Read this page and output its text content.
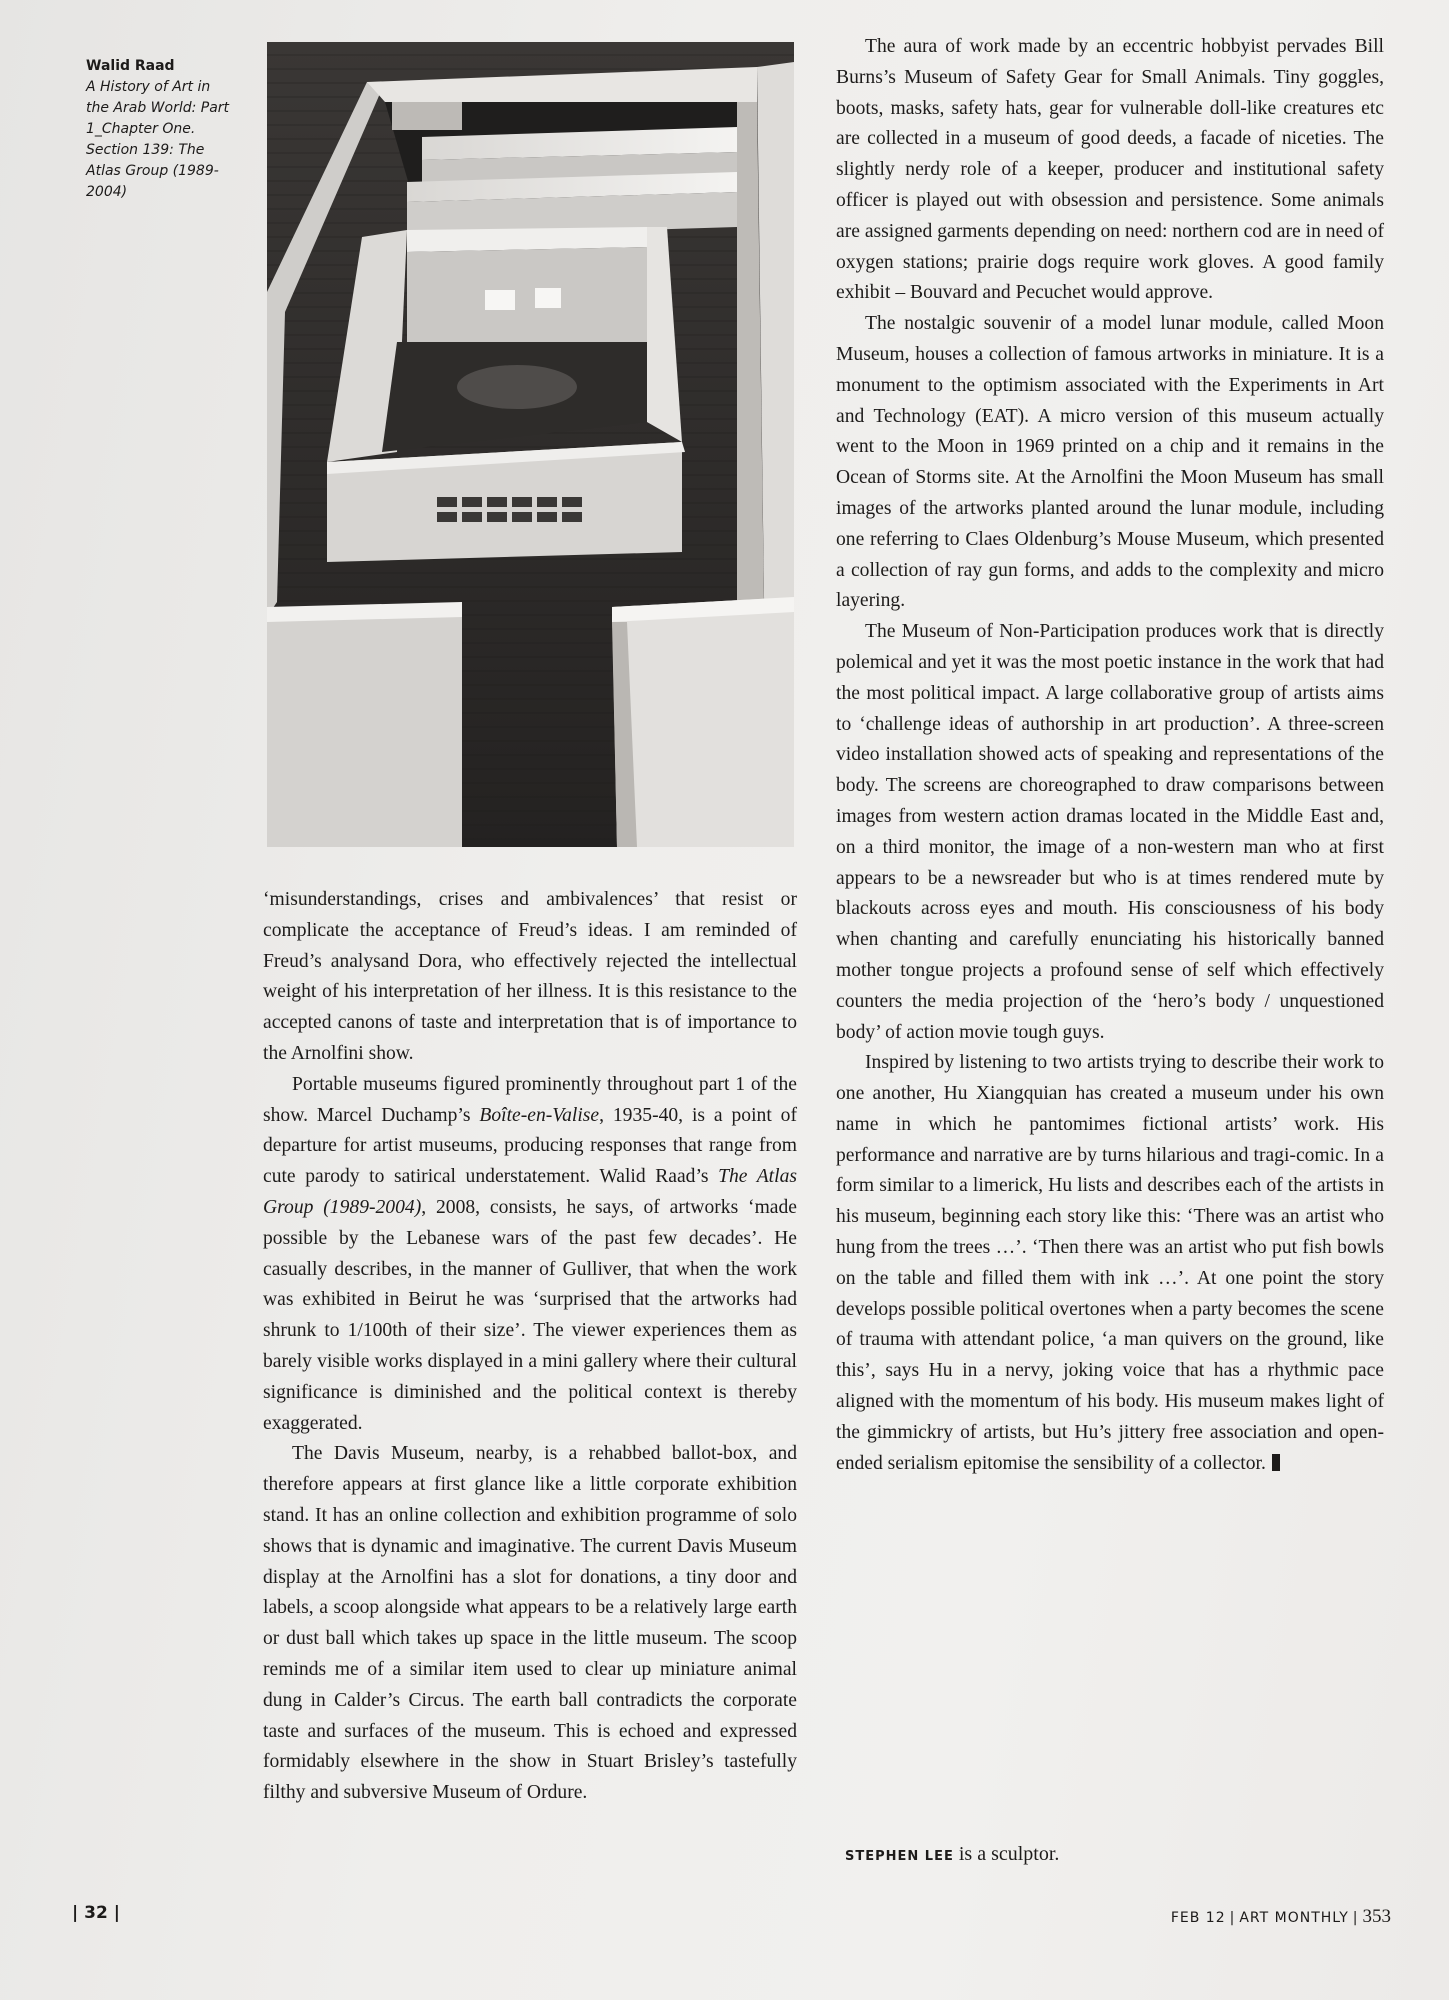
Walid Raad
A History of Art in the Arab World: Part 1_Chapter One. Section 139: The Atlas Group (1989-2004)

‘misunderstandings, crises and ambivalences’ that resist or complicate the acceptance of Freud’s ideas. I am reminded of Freud’s analysand Dora, who effectively rejected the intellectual weight of his interpretation of her illness. It is this resistance to the accepted canons of taste and interpretation that is of importance to the Arnolfini show.

Portable museums figured prominently throughout part 1 of the show. Marcel Duchamp’s Boîte-en-Valise, 1935-40, is a point of departure for artist museums, producing responses that range from cute parody to satirical understatement. Walid Raad’s The Atlas Group (1989-2004), 2008, consists, he says, of artworks ‘made possible by the Lebanese wars of the past few decades’. He casually describes, in the manner of Gulliver, that when the work was exhibited in Beirut he was ‘surprised that the artworks had shrunk to 1/100th of their size’. The viewer experiences them as barely visible works displayed in a mini gallery where their cultural significance is diminished and the political context is thereby exaggerated.

The Davis Museum, nearby, is a rehabbed ballot-box, and therefore appears at first glance like a little corporate exhibition stand. It has an online collection and exhibition programme of solo shows that is dynamic and imaginative. The current Davis Museum display at the Arnolfini has a slot for donations, a tiny door and labels, a scoop alongside what appears to be a relatively large earth or dust ball which takes up space in the little museum. The scoop reminds me of a similar item used to clear up miniature animal dung in Calder’s Circus. The earth ball contradicts the corporate taste and surfaces of the museum. This is echoed and expressed formidably elsewhere in the show in Stuart Brisley’s tastefully filthy and subversive Museum of Ordure.

The aura of work made by an eccentric hobbyist pervades Bill Burns’s Museum of Safety Gear for Small Animals. Tiny goggles, boots, masks, safety hats, gear for vulnerable doll-like creatures etc are collected in a museum of good deeds, a facade of niceties. The slightly nerdy role of a keeper, producer and institutional safety officer is played out with obsession and persistence. Some animals are assigned garments depending on need: northern cod are in need of oxygen stations; prairie dogs require work gloves. A good family exhibit – Bouvard and Pecuchet would approve.

The nostalgic souvenir of a model lunar module, called Moon Museum, houses a collection of famous artworks in miniature. It is a monument to the optimism associated with the Experiments in Art and Technology (EAT). A micro version of this museum actually went to the Moon in 1969 printed on a chip and it remains in the Ocean of Storms site. At the Arnolfini the Moon Museum has small images of the artworks planted around the lunar module, including one referring to Claes Oldenburg’s Mouse Museum, which presented a collection of ray gun forms, and adds to the complexity and micro layering.

The Museum of Non-Participation produces work that is directly polemical and yet it was the most poetic instance in the work that had the most political impact. A large collaborative group of artists aims to ‘challenge ideas of authorship in art production’. A three-screen video installation showed acts of speaking and representations of the body. The screens are choreographed to draw comparisons between images from western action dramas located in the Middle East and, on a third monitor, the image of a non-western man who at first appears to be a newsreader but who is at times rendered mute by blackouts across eyes and mouth. His consciousness of his body when chanting and carefully enunciating his historically banned mother tongue projects a profound sense of self which effectively counters the media projection of the ‘hero’s body / unquestioned body’ of action movie tough guys.

Inspired by listening to two artists trying to describe their work to one another, Hu Xiangquian has created a museum under his own name in which he pantomimes fictional artists’ work. His performance and narrative are by turns hilarious and tragi-comic. In a form similar to a limerick, Hu lists and describes each of the artists in his museum, beginning each story like this: ‘There was an artist who hung from the trees …’. ‘Then there was an artist who put fish bowls on the table and filled them with ink …’. At one point the story develops possible political overtones when a party becomes the scene of trauma with attendant police, ‘a man quivers on the ground, like this’, says Hu in a nervy, joking voice that has a rhythmic pace aligned with the momentum of his body. His museum makes light of the gimmickry of artists, but Hu’s jittery free association and open-ended serialism epitomise the sensibility of a collector.

STEPHEN LEE is a sculptor.
| 32 |	FEB 12 | ART MONTHLY | 353
